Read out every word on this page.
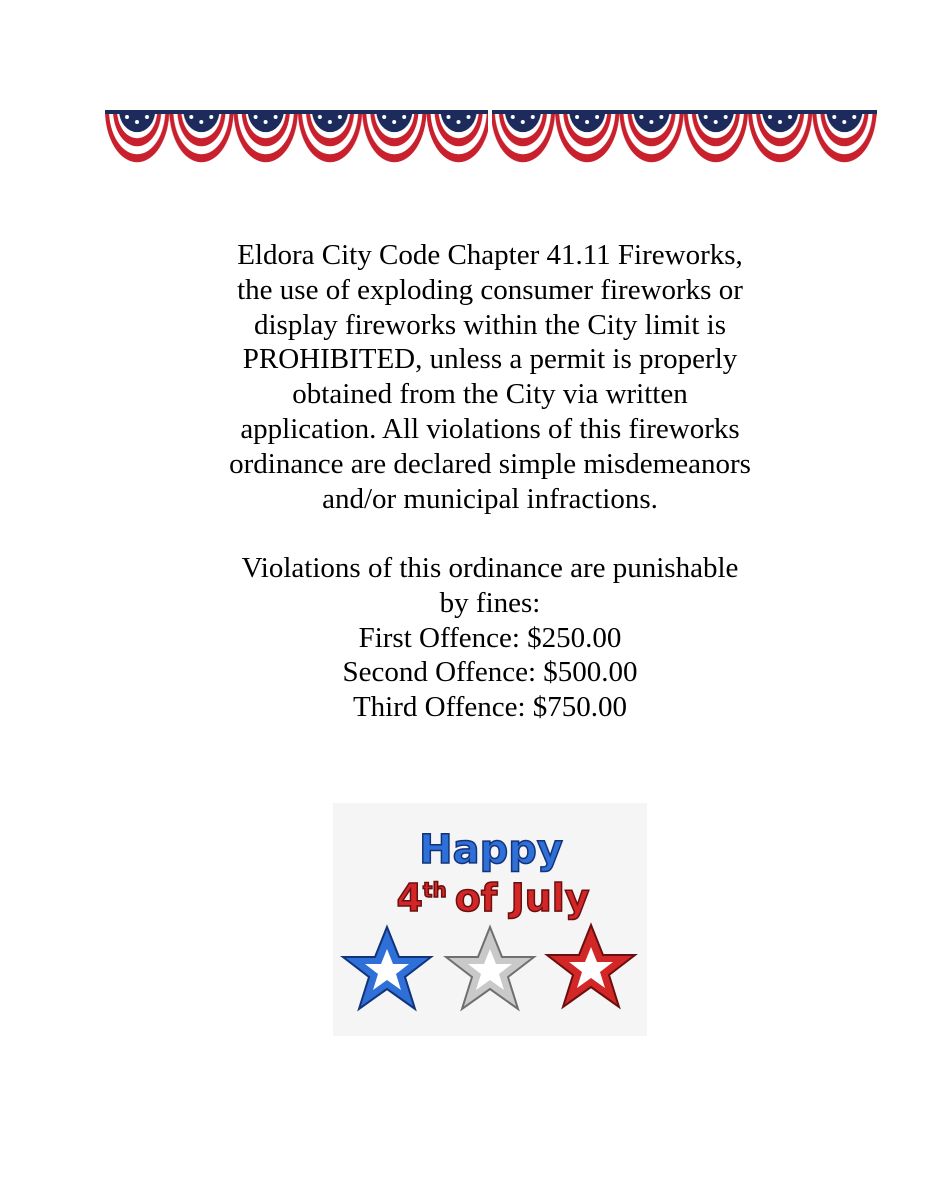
Eldora City Code Chapter 41.11 Fireworks,
the use of exploding consumer fireworks or
display fireworks within the City limit is
PROHIBITED, unless a permit is properly
obtained from the City via written
application. All violations of this fireworks
ordinance are declared simple misdemeanors
and/or municipal infractions.
Violations of this ordinance are punishable
by fines:
First Offence: $250.00
Second Offence: $500.00
Third Offence: $750.00
Happy
4th of July
